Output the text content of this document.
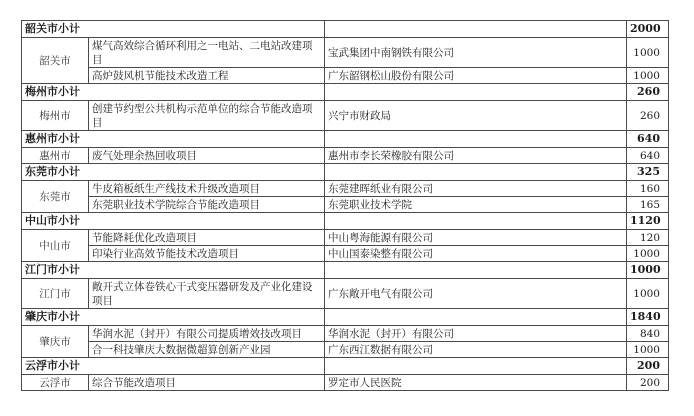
韶关市小计			2000
韶关市	煤气高效综合循环利用之一电站、二电站改建项目	宝武集团中南钢铁有限公司	1000
	高炉鼓风机节能技术改造工程	广东韶钢松山股份有限公司	1000
梅州市小计			260
梅州市	创建节约型公共机构示范单位的综合节能改造项目	兴宁市财政局	260
惠州市小计			640
惠州市	废气处理余热回收项目	惠州市李长荣橡胶有限公司	640
东莞市小计			325
东莞市	牛皮箱板纸生产线技术升级改造项目	东莞建晖纸业有限公司	160
	东莞职业技术学院综合节能改造项目	东莞职业技术学院	165
中山市小计			1120
中山市	节能降耗优化改造项目	中山粤海能源有限公司	120
	印染行业高效节能技术改造项目	中山国泰染整有限公司	1000
江门市小计			1000
江门市	敞开式立体卷铁心干式变压器研发及产业化建设项目	广东敞开电气有限公司	1000
肇庆市小计			1840
肇庆市	华润水泥（封开）有限公司提质增效技改项目	华润水泥（封开）有限公司	840
	合一科技肇庆大数据微超算创新产业园	广东西江数据有限公司	1000
云浮市小计			200
云浮市	综合节能改造项目	罗定市人民医院	200
